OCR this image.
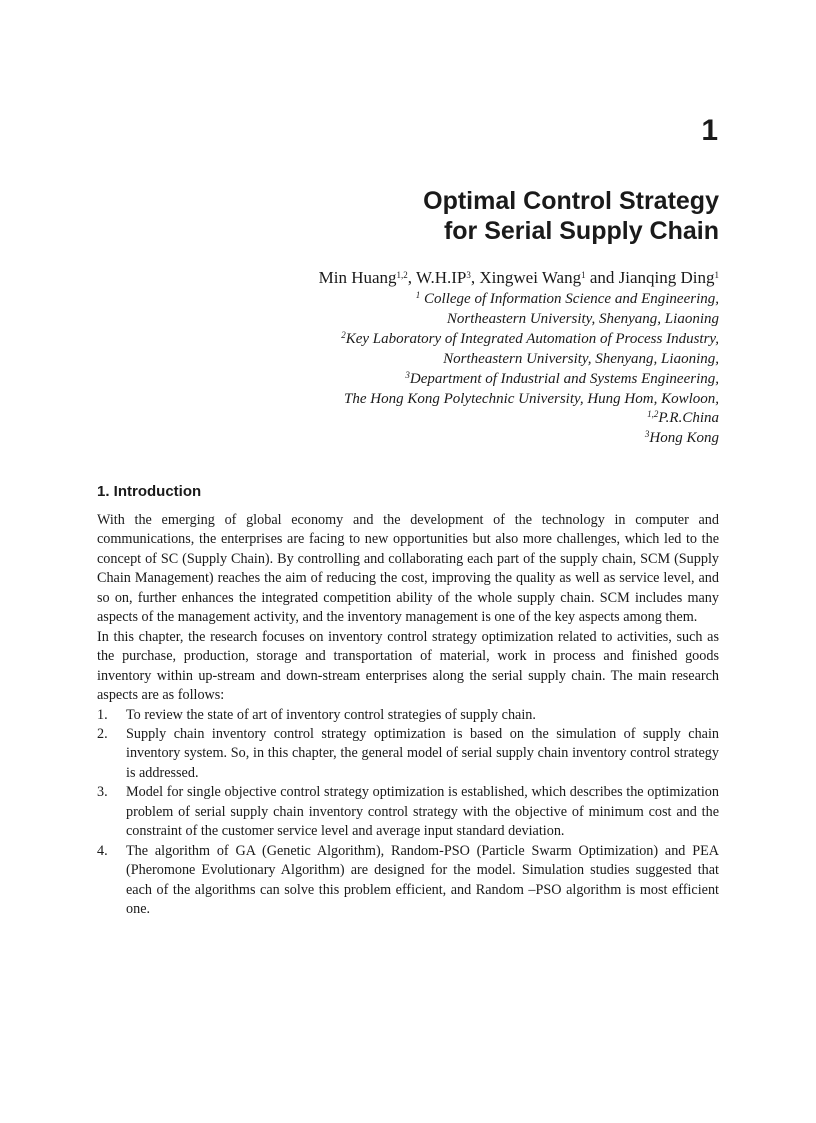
1
Optimal Control Strategy
for Serial Supply Chain
Min Huang$^{1,2}$, $W.H.IP^3$, Xingwei Wang$^1$ and Jianqing Ding$^1$
$^1$ College of Information Science and Engineering,
Northeastern University, Shenyang, Liaoning
$^2$Key Laboratory of Integrated Automation of Process Industry,
Northeastern University, Shenyang, Liaoning,
$^3$Department of Industrial and Systems Engineering,
The Hong Kong Polytechnic University, Hung Hom, Kowloon,
$^{1,2}$P.R.China
$^3$Hong Kong
1. Introduction

With the emerging of global economy and the development of the technology in computer and communications, the enterprises are facing to new opportunities but also more challenges, which led to the concept of SC (Supply Chain). By controlling and collaborating each part of the supply chain, SCM (Supply Chain Management) reaches the aim of reducing the cost, improving the quality as well as service level, and so on, further enhances the integrated competition ability of the whole supply chain. SCM includes many aspects of the management activity, and the inventory management is one of the key aspects among them.

In this chapter, the research focuses on inventory control strategy optimization related to activities, such as the purchase, production, storage and transportation of material, work in process and finished goods inventory within up-stream and down-stream enterprises along the serial supply chain. The main research aspects are as follows:

1. To review the state of art of inventory control strategies of supply chain.
2. Supply chain inventory control strategy optimization is based on the simulation of supply chain inventory system. So, in this chapter, the general model of serial supply chain inventory control strategy is addressed.
3. Model for single objective control strategy optimization is established, which describes the optimization problem of serial supply chain inventory control strategy with the objective of minimum cost and the constraint of the customer service level and average input standard deviation.
4. The algorithm of GA (Genetic Algorithm), Random-PSO (Particle Swarm Optimization) and PEA (Pheromone Evolutionary Algorithm) are designed for the model. Simulation studies suggested that each of the algorithms can solve this problem efficient, and Random –PSO algorithm is most efficient one.
